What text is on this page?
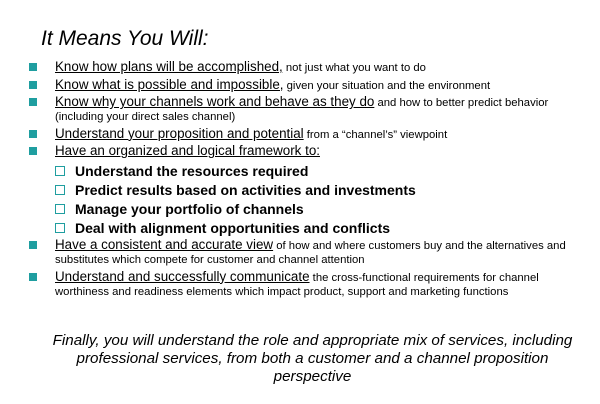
It Means You Will:
Know how plans will be accomplished, not just what you want to do
Know what is possible and impossible, given your situation and the environment
Know why your channels work and behave as they do and how to better predict behavior (including your direct sales channel)
Understand your proposition and potential from a “channel’s” viewpoint
Have an organized and logical framework to:
Understand the resources required
Predict results based on activities and investments
Manage your portfolio of channels
Deal with alignment opportunities and conflicts
Have a consistent and accurate view of how and where customers buy and the alternatives and substitutes which compete for customer and channel attention
Understand and successfully communicate the cross-functional requirements for channel worthiness and readiness elements which impact product, support and marketing functions
Finally, you will understand the role and appropriate mix of services, including professional services, from both a customer and a channel proposition perspective
